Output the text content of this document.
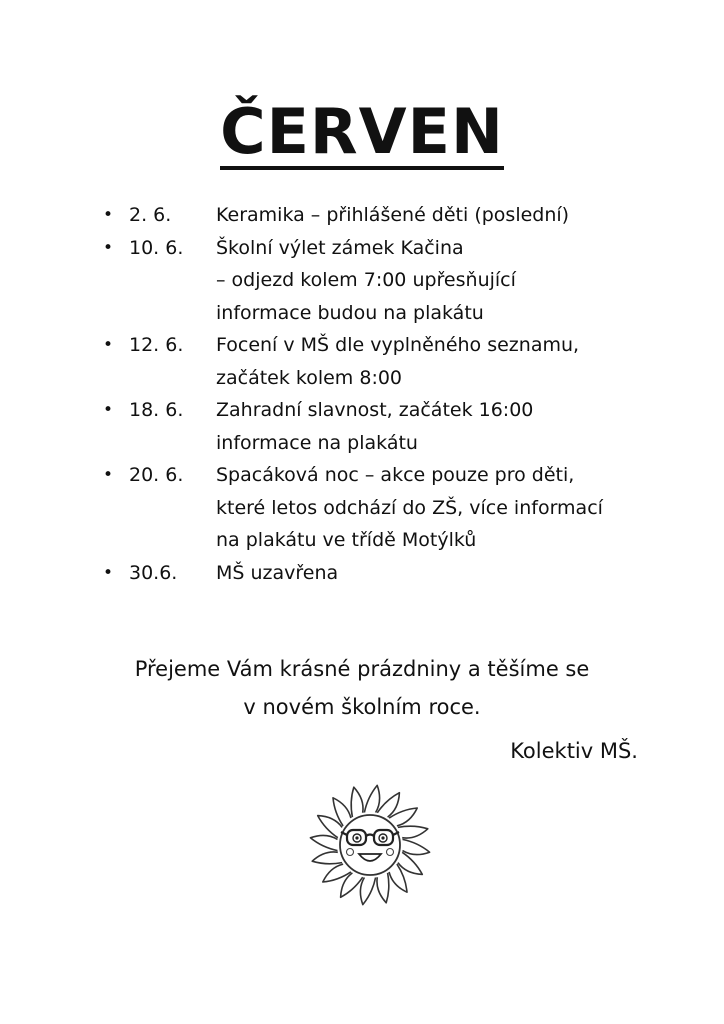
ČERVEN
• 2. 6.	Keramika – přihlášené děti (poslední)
• 10. 6.	Školní výlet zámek Kačina
– odjezd kolem 7:00 upřesňující
informace budou na plakátu
• 12. 6.	Focení v MŠ dle vyplněného seznamu,
začátek kolem 8:00
• 18. 6.	Zahradní slavnost, začátek 16:00
informace na plakátu
• 20. 6.	Spacáková noc – akce pouze pro děti,
které letos odchází do ZŠ, více informací
na plakátu ve třídě Motýlků
• 30.6.	MŠ uzavřena
Přejeme Vám krásné prázdniny a těšíme se
v novém školním roce.
Kolektiv MŠ.
